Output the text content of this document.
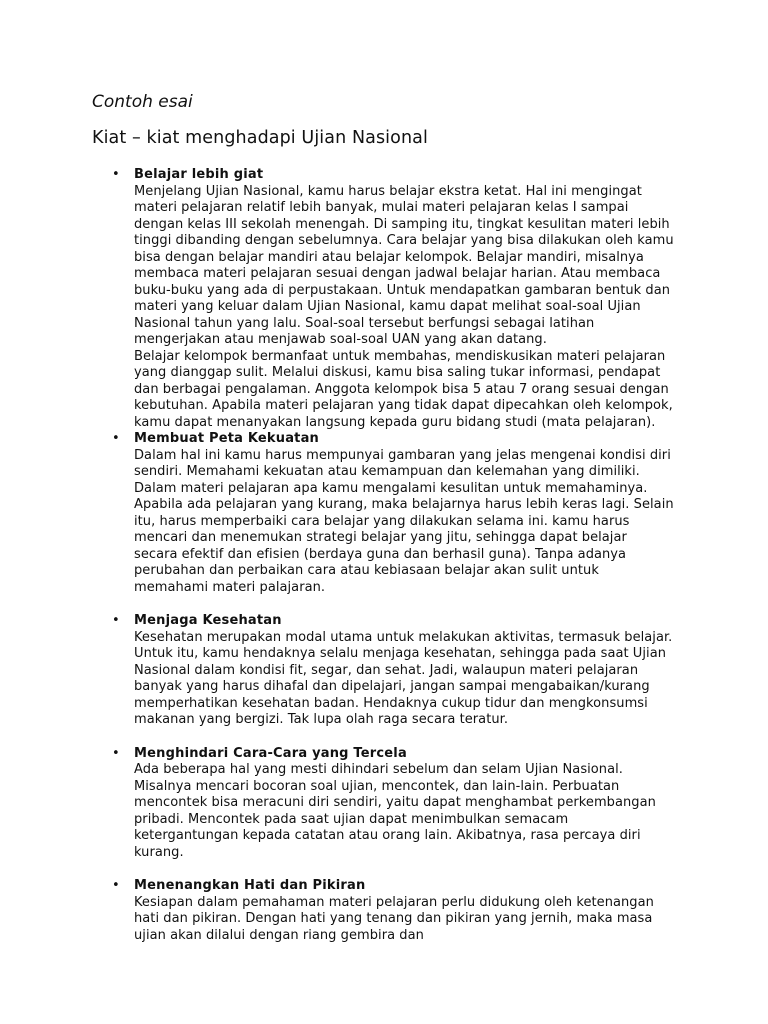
Contoh esai
Kiat – kiat menghadapi Ujian Nasional
• Belajar lebih giat
Menjelang Ujian Nasional, kamu harus belajar ekstra ketat. Hal ini mengingat materi pelajaran relatif lebih banyak, mulai materi pelajaran kelas I sampai dengan kelas III sekolah menengah. Di samping itu, tingkat kesulitan materi lebih tinggi dibanding dengan sebelumnya. Cara belajar yang bisa dilakukan oleh kamu bisa dengan belajar mandiri atau belajar kelompok. Belajar mandiri, misalnya membaca materi pelajaran sesuai dengan jadwal belajar harian. Atau membaca buku-buku yang ada di perpustakaan. Untuk mendapatkan gambaran bentuk dan materi yang keluar dalam Ujian Nasional, kamu dapat melihat soal-soal Ujian Nasional tahun yang lalu. Soal-soal tersebut berfungsi sebagai latihan mengerjakan atau menjawab soal-soal UAN yang akan datang.
Belajar kelompok bermanfaat untuk membahas, mendiskusikan materi pelajaran yang dianggap sulit. Melalui diskusi, kamu bisa saling tukar informasi, pendapat dan berbagai pengalaman. Anggota kelompok bisa 5 atau 7 orang sesuai dengan kebutuhan. Apabila materi pelajaran yang tidak dapat dipecahkan oleh kelompok, kamu dapat menanyakan langsung kepada guru bidang studi (mata pelajaran).
• Membuat Peta Kekuatan
Dalam hal ini kamu harus mempunyai gambaran yang jelas mengenai kondisi diri sendiri. Memahami kekuatan atau kemampuan dan kelemahan yang dimiliki. Dalam materi pelajaran apa kamu mengalami kesulitan untuk memahaminya. Apabila ada pelajaran yang kurang, maka belajarnya harus lebih keras lagi. Selain itu, harus memperbaiki cara belajar yang dilakukan selama ini. kamu harus mencari dan menemukan strategi belajar yang jitu, sehingga dapat belajar secara efektif dan efisien (berdaya guna dan berhasil guna). Tanpa adanya perubahan dan perbaikan cara atau kebiasaan belajar akan sulit untuk memahami materi palajaran.
• Menjaga Kesehatan
Kesehatan merupakan modal utama untuk melakukan aktivitas, termasuk belajar. Untuk itu, kamu hendaknya selalu menjaga kesehatan, sehingga pada saat Ujian Nasional dalam kondisi fit, segar, dan sehat. Jadi, walaupun materi pelajaran banyak yang harus dihafal dan dipelajari, jangan sampai mengabaikan/kurang memperhatikan kesehatan badan. Hendaknya cukup tidur dan mengkonsumsi makanan yang bergizi. Tak lupa olah raga secara teratur.
• Menghindari Cara-Cara yang Tercela
Ada beberapa hal yang mesti dihindari sebelum dan selam Ujian Nasional. Misalnya mencari bocoran soal ujian, mencontek, dan lain-lain. Perbuatan mencontek bisa meracuni diri sendiri, yaitu dapat menghambat perkembangan pribadi. Mencontek pada saat ujian dapat menimbulkan semacam ketergantungan kepada catatan atau orang lain. Akibatnya, rasa percaya diri kurang.
• Menenangkan Hati dan Pikiran
Kesiapan dalam pemahaman materi pelajaran perlu didukung oleh ketenangan hati dan pikiran. Dengan hati yang tenang dan pikiran yang jernih, maka masa ujian akan dilalui dengan riang gembira dan
